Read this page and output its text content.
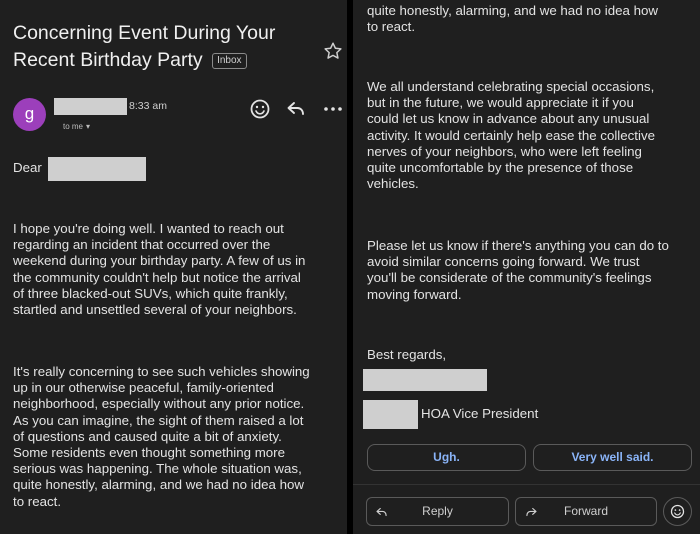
Concerning Event During Your Recent Birthday Party Inbox
g	8:33 am
to me ▾
Dear
I hope you're doing well. I wanted to reach out
regarding an incident that occurred over the
weekend during your birthday party. A few of us in
the community couldn't help but notice the arrival
of three blacked-out SUVs, which quite frankly,
startled and unsettled several of your neighbors.
It's really concerning to see such vehicles showing
up in our otherwise peaceful, family-oriented
neighborhood, especially without any prior notice.
As you can imagine, the sight of them raised a lot
of questions and caused quite a bit of anxiety.
Some residents even thought something more
serious was happening. The whole situation was,
quite honestly, alarming, and we had no idea how
to react.
quite honestly, alarming, and we had no idea how
to react.
We all understand celebrating special occasions,
but in the future, we would appreciate it if you
could let us know in advance about any unusual
activity. It would certainly help ease the collective
nerves of your neighbors, who were left feeling
quite uncomfortable by the presence of those
vehicles.
Please let us know if there's anything you can do to
avoid similar concerns going forward. We trust
you'll be considerate of the community's feelings
moving forward.
Best regards,
HOA Vice President
Ugh.	Very well said.
Reply	Forward
